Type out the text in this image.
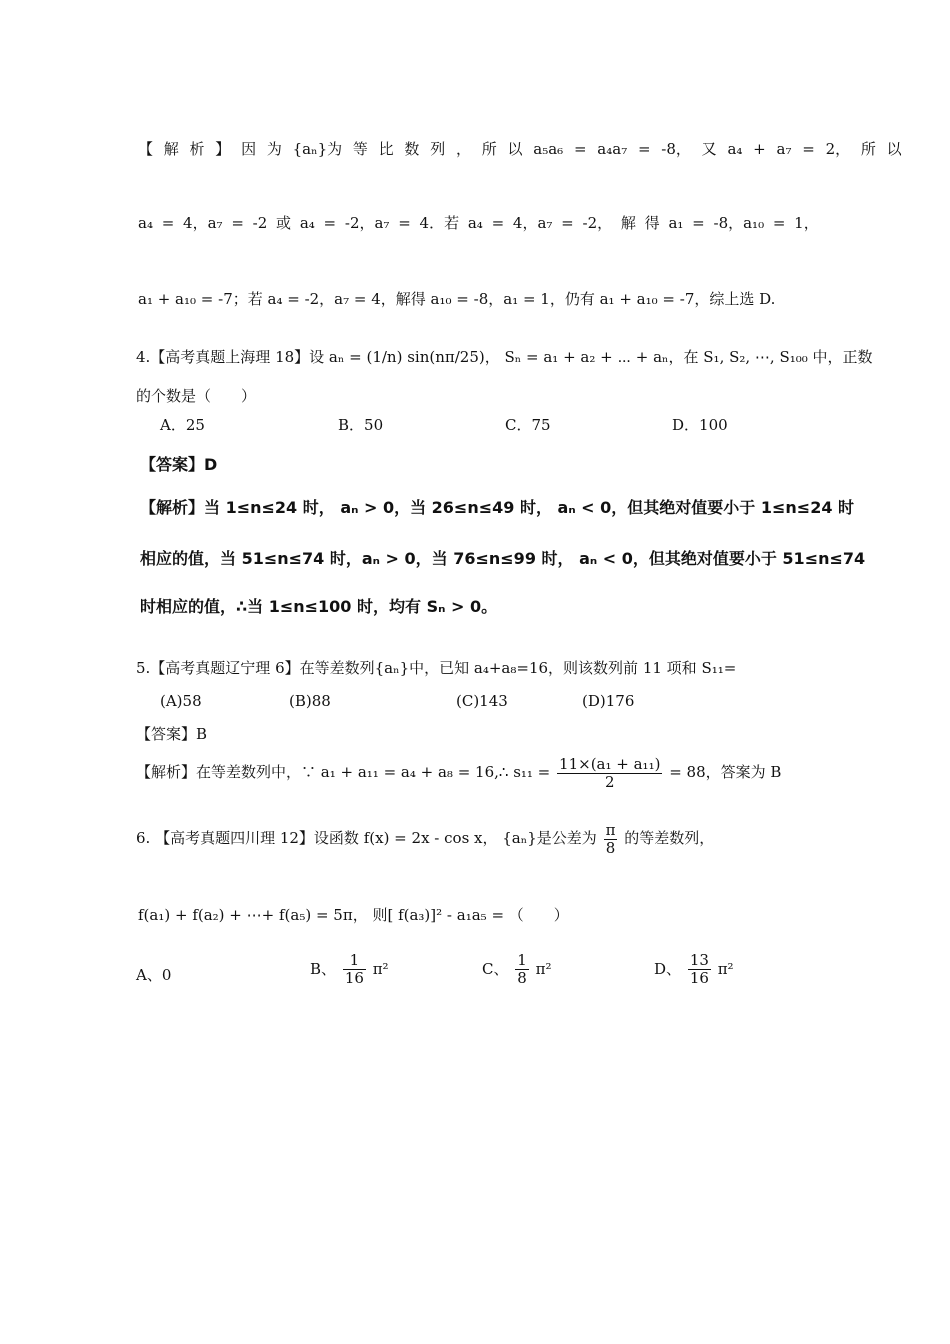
【 解 析 】 因 为 {aₙ}为 等 比 数 列 ， 所 以 a₅a₆ = a₄a₇ = -8， 又 a₄ + a₇ = 2， 所 以
a₄ = 4，a₇ = -2 或 a₄ = -2，a₇ = 4．若 a₄ = 4，a₇ = -2， 解 得 a₁ = -8，a₁₀ = 1，
a₁ + a₁₀ = -7；若 a₄ = -2，a₇ = 4，解得 a₁₀ = -8，a₁ = 1，仍有 a₁ + a₁₀ = -7，综上选 D.
4.【高考真题上海理 18】设 aₙ = (1/n) sin(nπ/25)， Sₙ = a₁ + a₂ + ⋯ + aₙ，在 S₁, S₂, ⋯, S₁₀₀ 中，正数
的个数是（　　）
A．25	B．50	C．75	D．100
【答案】D
【解析】当 1≤n≤24 时， aₙ > 0，当 26≤n≤49 时， aₙ < 0，但其绝对值要小于 1≤n≤24 时
相应的值，当 51≤n≤74 时，aₙ > 0，当 76≤n≤99 时， aₙ < 0，但其绝对值要小于 51≤n≤74
时相应的值，∴当 1≤n≤100 时，均有 Sₙ > 0。
5.【高考真题辽宁理 6】在等差数列{aₙ}中，已知 a₄+a₈=16，则该数列前 11 项和 S₁₁=
(A)58	(B)88	(C)143	(D)176
【答案】B
【解析】在等差数列中，∵ a₁ + a₁₁ = a₄ + a₈ = 16,∴ $s_{11} = \frac{\text{11×(a₁ + a₁₁)}}{2} = 88$，答案为 B
6. 【高考真题四川理 12】设函数 f(x) = 2x - cos x， {aₙ}是公差为 $\frac{\pi}{8}$ 的等差数列，
f(a₁) + f(a₂) + ⋯+ f(a₅) = 5π， 则[ f(a₃)]² - a₁a₅ = （　　）
A、0	B、 $\frac{1}{16} \pi^2$	C、 $\frac{1}{8} \pi^2$	D、 $\frac{13}{16} \pi^2$
